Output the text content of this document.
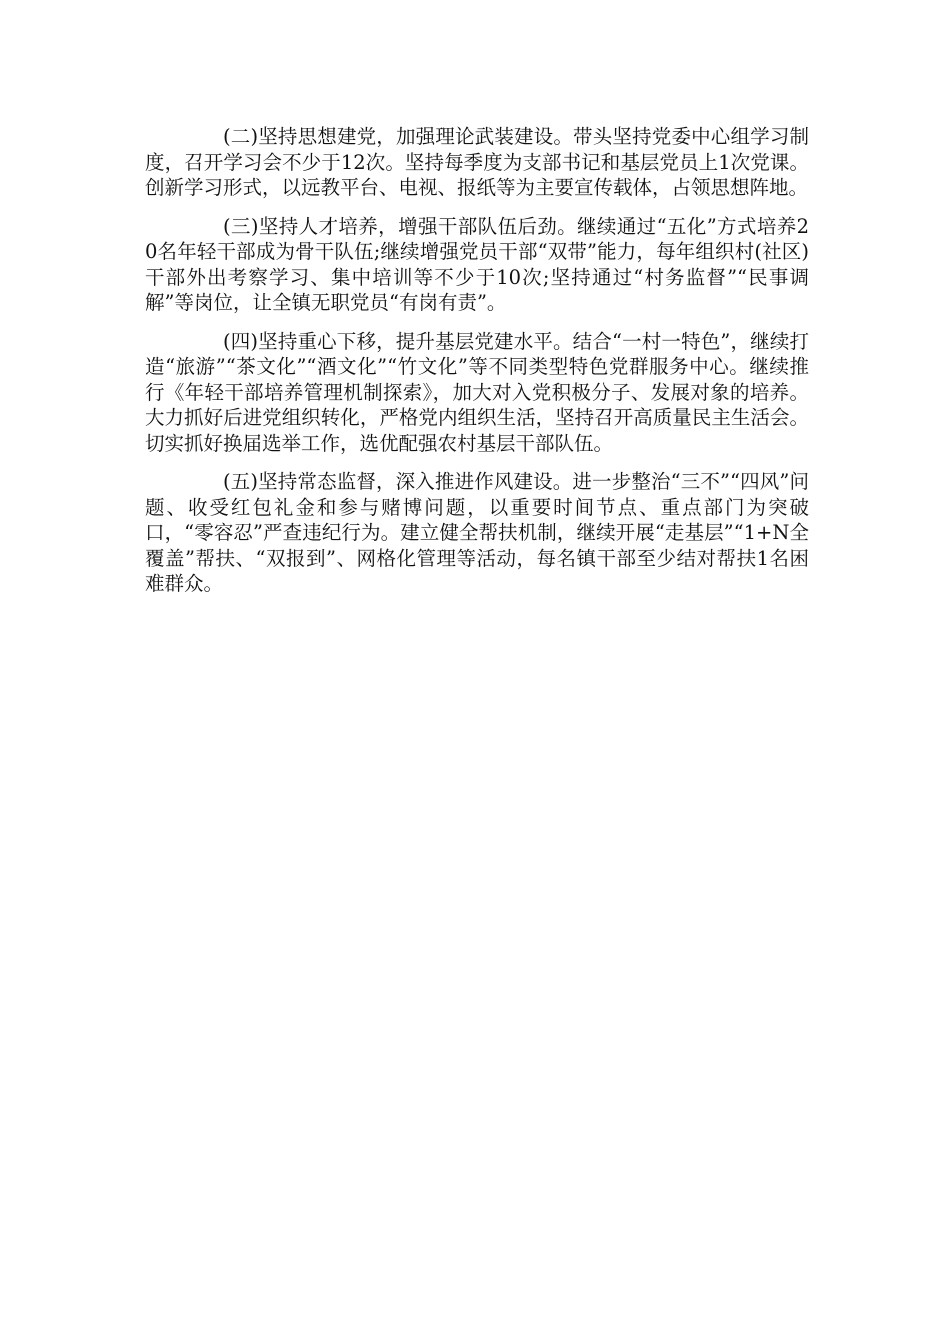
(二)坚持思想建党，加强理论武装建设。带头坚持党委中心组学习制度，召开学习会不少于12次。坚持每季度为支部书记和基层党员上1次党课。创新学习形式，以远教平台、电视、报纸等为主要宣传载体，占领思想阵地。

(三)坚持人才培养，增强干部队伍后劲。继续通过“五化”方式培养20名年轻干部成为骨干队伍;继续增强党员干部“双带”能力，每年组织村(社区)干部外出考察学习、集中培训等不少于10次;坚持通过“村务监督”“民事调解”等岗位，让全镇无职党员“有岗有责”。

(四)坚持重心下移，提升基层党建水平。结合“一村一特色”，继续打造“旅游”“茶文化”“酒文化”“竹文化”等不同类型特色党群服务中心。继续推行《年轻干部培养管理机制探索》，加大对入党积极分子、发展对象的培养。大力抓好后进党组织转化，严格党内组织生活，坚持召开高质量民主生活会。切实抓好换届选举工作，选优配强农村基层干部队伍。

(五)坚持常态监督，深入推进作风建设。进一步整治“三不”“四风”问题、收受红包礼金和参与赌博问题，以重要时间节点、重点部门为突破口，“零容忍”严查违纪行为。建立健全帮扶机制，继续开展“走基层”“1+N全覆盖”帮扶、“双报到”、网格化管理等活动，每名镇干部至少结对帮扶1名困难群众。
